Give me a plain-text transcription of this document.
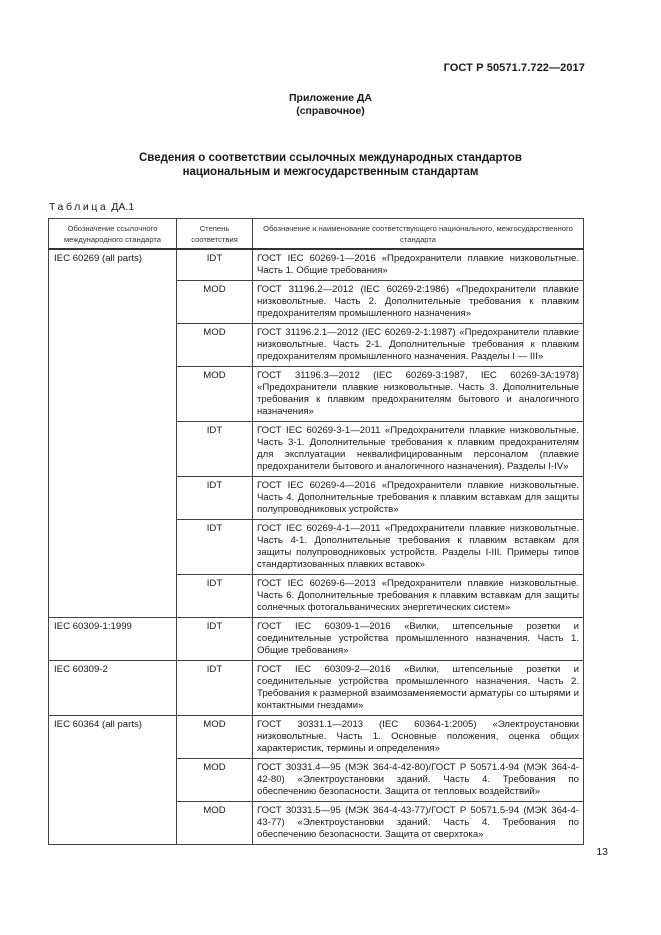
ГОСТ Р 50571.7.722—2017
Приложение ДА
(справочное)
Сведения о соответствии ссылочных международных стандартов
национальным и межгосударственным стандартам
Таблица ДА.1
Обозначение ссылочного международного стандарта	Степень соответствия	Обозначение и наименование соответствующего национального, межгосударственного стандарта
IEC 60269 (all parts)	IDT	ГОСТ IEC 60269-1—2016 «Предохранители плавкие низковольтные. Часть 1. Общие требования»
	MOD	ГОСТ 31196.2—2012 (IEC 60269-2:1986) «Предохранители плавкие низковольтные. Часть 2. Дополнительные требования к плавким предохранителям промышленного назначения»
	MOD	ГОСТ 31196.2.1—2012 (IEC 60269-2-1:1987) «Предохранители плавкие низковольтные. Часть 2-1. Дополнительные требования к плавким предохранителям промышленного назначения. Разделы I — III»
	MOD	ГОСТ 31196.3—2012 (IEC 60269-3:1987, IEC 60269-3A:1978) «Предохранители плавкие низковольтные. Часть 3. Дополнительные требования к плавким предохранителям бытового и аналогичного назначения»
	IDT	ГОСТ IEC 60269-3-1—2011 «Предохранители плавкие низковольтные. Часть 3-1. Дополнительные требования к плавким предохранителям для эксплуатации неквалифицированным персоналом (плавкие предохранители бытового и аналогичного назначения). Разделы I-IV»
	IDT	ГОСТ IEC 60269-4—2016 «Предохранители плавкие низковольтные. Часть 4. Дополнительные требования к плавким вставкам для защиты полупроводниковых устройств»
	IDT	ГОСТ IEC 60269-4-1—2011 «Предохранители плавкие низковольтные. Часть 4-1. Дополнительные требования к плавким вставкам для защиты полупроводниковых устройств. Разделы I-III. Примеры типов стандартизованных плавких вставок»
	IDT	ГОСТ IEC 60269-6—2013 «Предохранители плавкие низковольтные. Часть 6. Дополнительные требования к плавким вставкам для защиты солнечных фотогальванических энергетических систем»
IEC 60309-1:1999	IDT	ГОСТ IEC 60309-1—2016 «Вилки, штепсельные розетки и соединительные устройства промышленного назначения. Часть 1. Общие требования»
IEC 60309-2	IDT	ГОСТ IEC 60309-2—2016 «Вилки, штепсельные розетки и соединительные устройства промышленного назначения. Часть 2. Требования к размерной взаимозаменяемости арматуры со штырями и контактными гнездами»
IEC 60364 (all parts)	MOD	ГОСТ 30331.1—2013 (IEC 60364-1:2005) «Электроустановки низковольтные. Часть 1. Основные положения, оценка общих характеристик, термины и определения»
	MOD	ГОСТ 30331.4—95 (МЭК 364-4-42-80)/ГОСТ Р 50571.4-94 (МЭК 364-4-42-80) «Электроустановки зданий. Часть 4. Требования по обеспечению безопасности. Защита от тепловых воздействий»
	MOD	ГОСТ 30331.5—95 (МЭК 364-4-43-77)/ГОСТ Р 50571.5-94 (МЭК 364-4-43-77) «Электроустановки зданий. Часть 4. Требования по обеспечению безопасности. Защита от сверхтока»
13
